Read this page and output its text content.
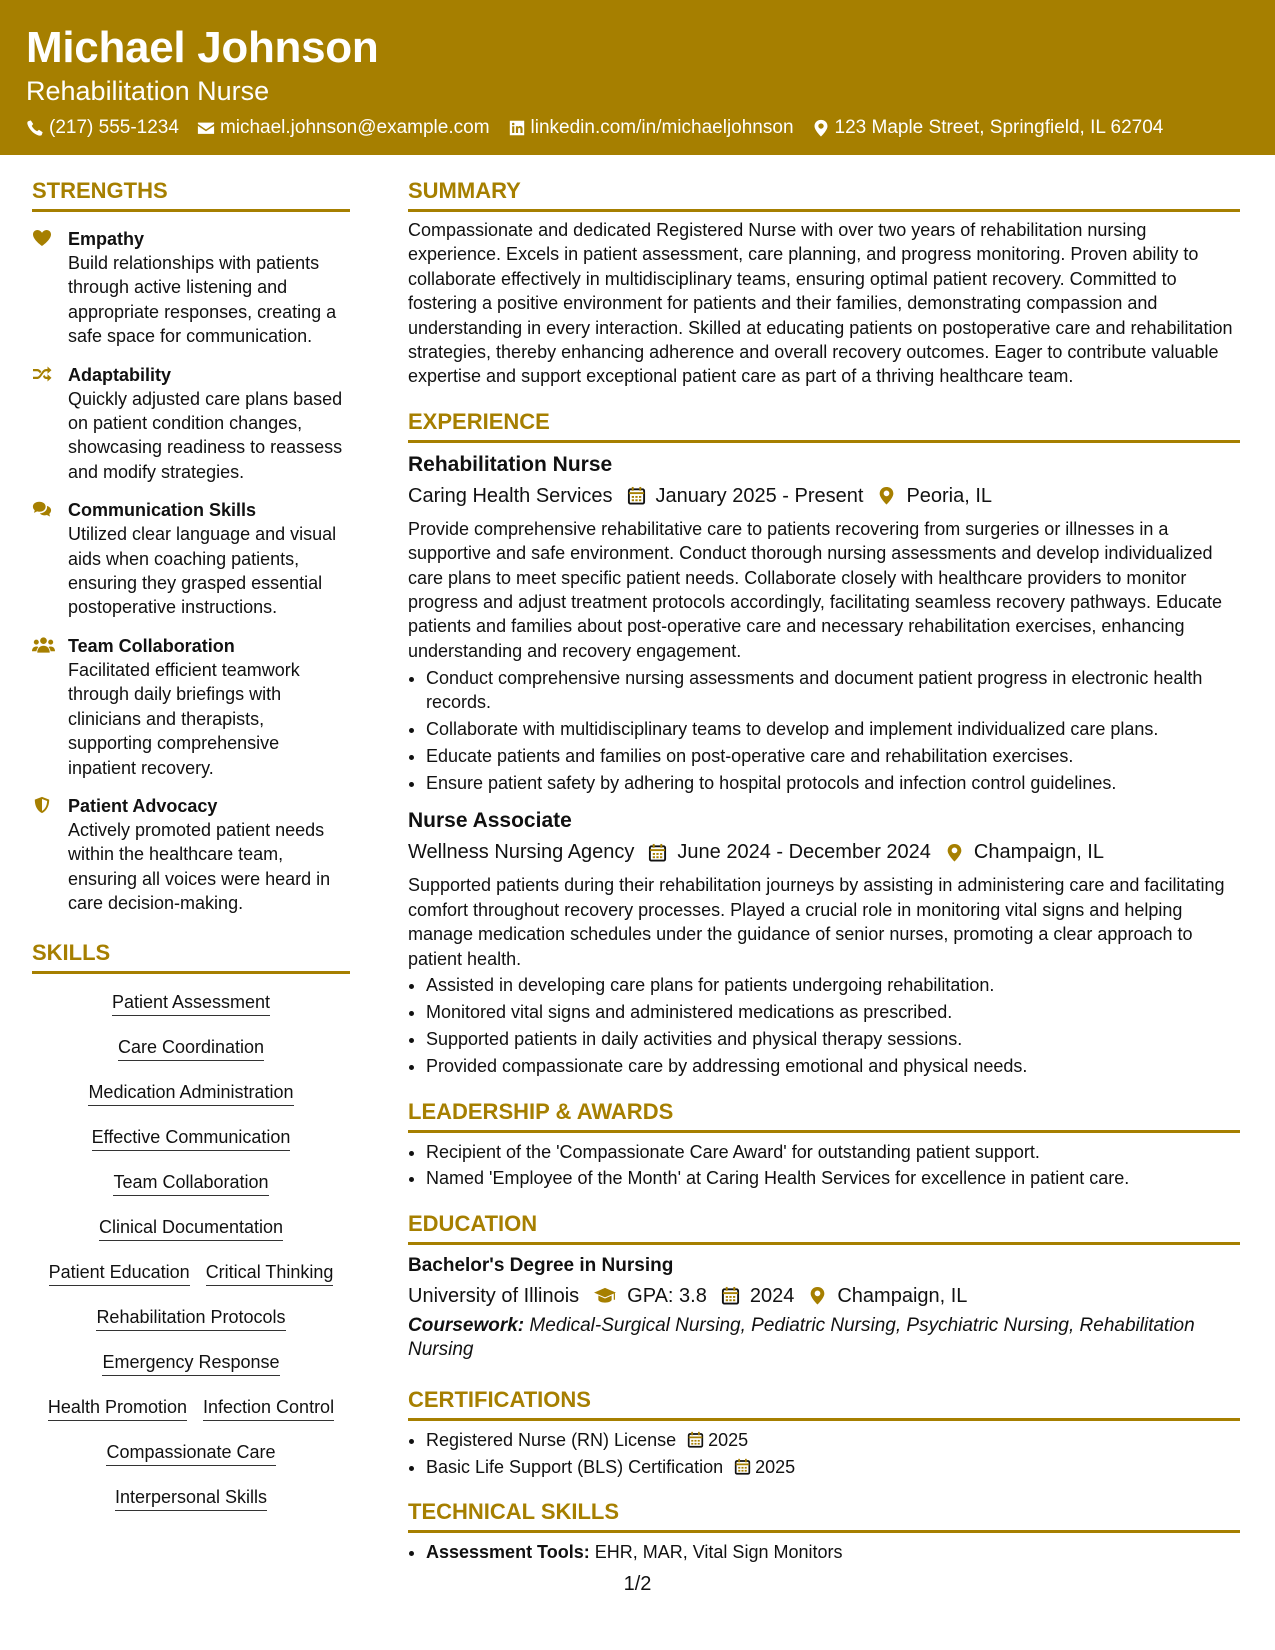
Michael Johnson
Rehabilitation Nurse
(217) 555-1234 michael.johnson@example.com linkedin.com/in/michaeljohnson 123 Maple Street, Springfield, IL 62704
STRENGTHS
Empathy
Build relationships with patients through active listening and appropriate responses, creating a safe space for communication.
Adaptability
Quickly adjusted care plans based on patient condition changes, showcasing readiness to reassess and modify strategies.
Communication Skills
Utilized clear language and visual aids when coaching patients, ensuring they grasped essential postoperative instructions.
Team Collaboration
Facilitated efficient teamwork through daily briefings with clinicians and therapists, supporting comprehensive inpatient recovery.
Patient Advocacy
Actively promoted patient needs within the healthcare team, ensuring all voices were heard in care decision-making.
SKILLS
Patient Assessment
Care Coordination
Medication Administration
Effective Communication
Team Collaboration
Clinical Documentation
Patient Education Critical Thinking
Rehabilitation Protocols
Emergency Response
Health Promotion Infection Control
Compassionate Care
Interpersonal Skills
SUMMARY

Compassionate and dedicated Registered Nurse with over two years of rehabilitation nursing experience. Excels in patient assessment, care planning, and progress monitoring. Proven ability to collaborate effectively in multidisciplinary teams, ensuring optimal patient recovery. Committed to fostering a positive environment for patients and their families, demonstrating compassion and understanding in every interaction. Skilled at educating patients on postoperative care and rehabilitation strategies, thereby enhancing adherence and overall recovery outcomes. Eager to contribute valuable expertise and support exceptional patient care as part of a thriving healthcare team.

EXPERIENCE
Rehabilitation Nurse
Caring Health Services January 2025 - Present Peoria, IL

Provide comprehensive rehabilitative care to patients recovering from surgeries or illnesses in a supportive and safe environment. Conduct thorough nursing assessments and develop individualized care plans to meet specific patient needs. Collaborate closely with healthcare providers to monitor progress and adjust treatment protocols accordingly, facilitating seamless recovery pathways. Educate patients and families about post-operative care and necessary rehabilitation exercises, enhancing understanding and recovery engagement.

• Conduct comprehensive nursing assessments and document patient progress in electronic health records.
• Collaborate with multidisciplinary teams to develop and implement individualized care plans.
• Educate patients and families on post-operative care and rehabilitation exercises.
• Ensure patient safety by adhering to hospital protocols and infection control guidelines.
Nurse Associate
Wellness Nursing Agency June 2024 - December 2024 Champaign, IL

Supported patients during their rehabilitation journeys by assisting in administering care and facilitating comfort throughout recovery processes. Played a crucial role in monitoring vital signs and helping manage medication schedules under the guidance of senior nurses, promoting a clear approach to patient health.

• Assisted in developing care plans for patients undergoing rehabilitation.
• Monitored vital signs and administered medications as prescribed.
• Supported patients in daily activities and physical therapy sessions.
• Provided compassionate care by addressing emotional and physical needs.
LEADERSHIP & AWARDS
• Recipient of the 'Compassionate Care Award' for outstanding patient support.
• Named 'Employee of the Month' at Caring Health Services for excellence in patient care.
EDUCATION
Bachelor's Degree in Nursing
University of Illinois GPA: 3.8 2024 Champaign, IL
Coursework: Medical-Surgical Nursing, Pediatric Nursing, Psychiatric Nursing, Rehabilitation Nursing
CERTIFICATIONS
• Registered Nurse (RN) License 2025
• Basic Life Support (BLS) Certification 2025
TECHNICAL SKILLS
• Assessment Tools: EHR, MAR, Vital Sign Monitors
1/2
